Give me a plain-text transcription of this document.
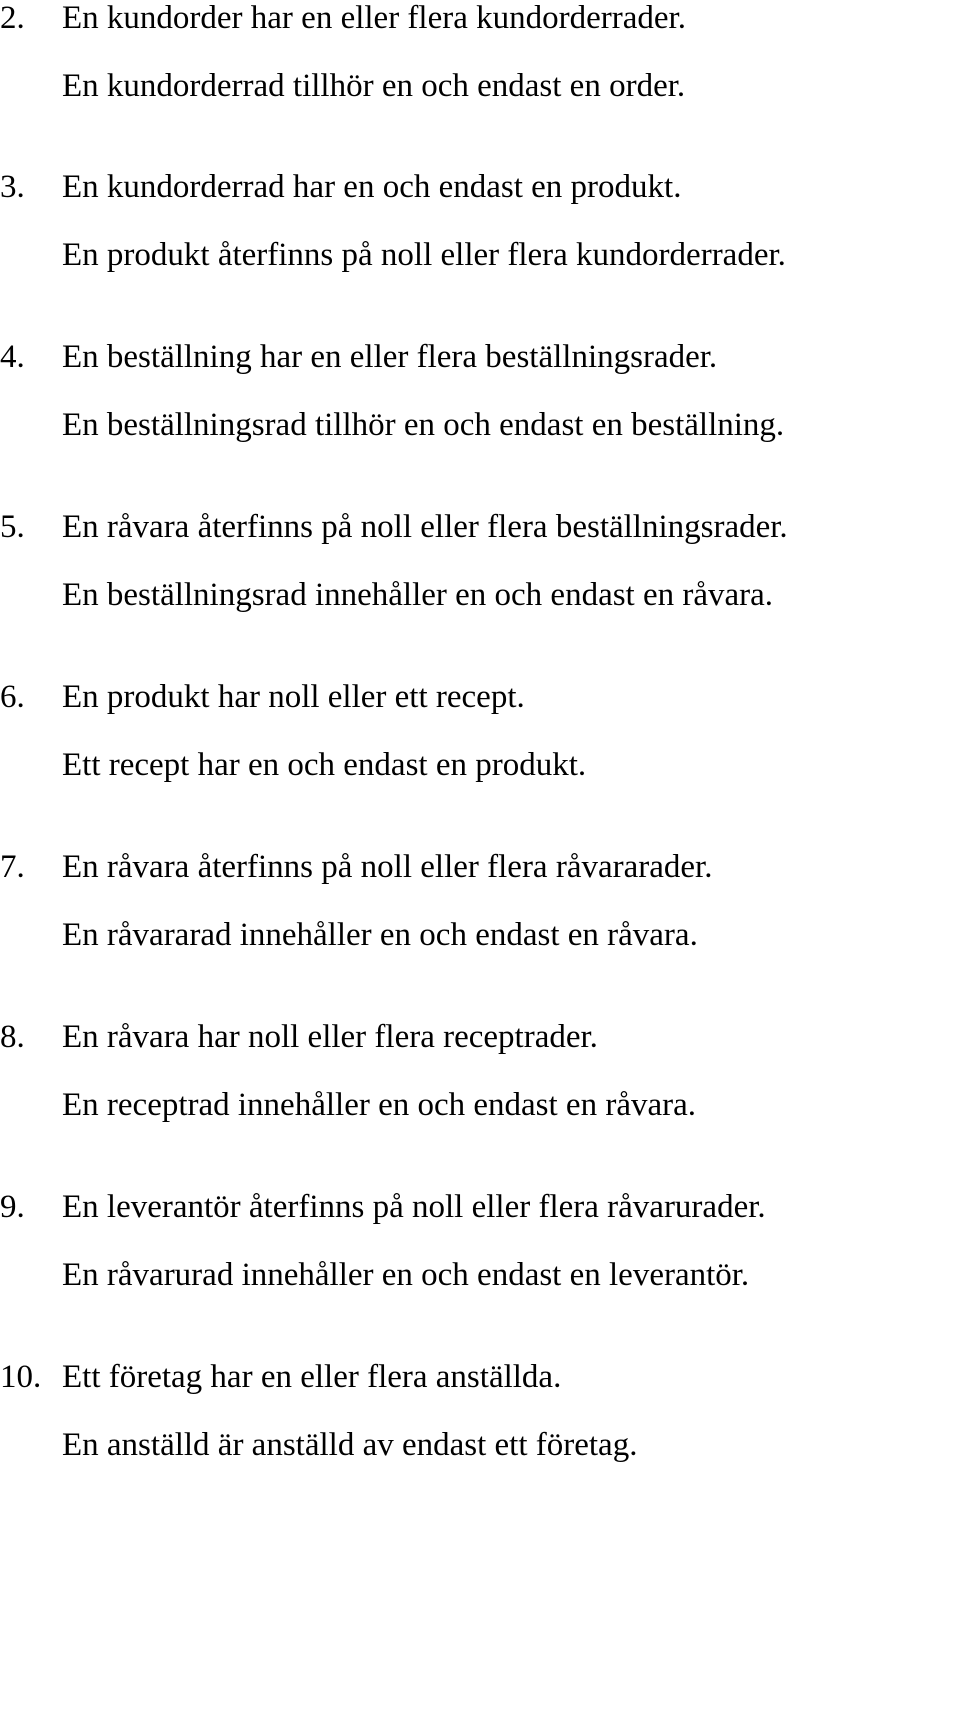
2.	En kundorder har en eller flera kundorderrader.
En kundorderrad tillhör en och endast en order.
3.	En kundorderrad har en och endast en produkt.
En produkt återfinns på noll eller flera kundorderrader.
4.	En beställning har en eller flera beställningsrader.
En beställningsrad tillhör en och endast en beställning.
5.	En råvara återfinns på noll eller flera beställningsrader.
En beställningsrad innehåller en och endast en råvara.
6.	En produkt har noll eller ett recept.
Ett recept har en och endast en produkt.
7.	En råvara återfinns på noll eller flera råvararader.
En råvararad innehåller en och endast en råvara.
8.	En råvara har noll eller flera receptrader.
En receptrad innehåller en och endast en råvara.
9.	En leverantör återfinns på noll eller flera råvarurader.
En råvarurad innehåller en och endast en leverantör.
10. Ett företag har en eller flera anställda.
En anställd är anställd av endast ett företag.
